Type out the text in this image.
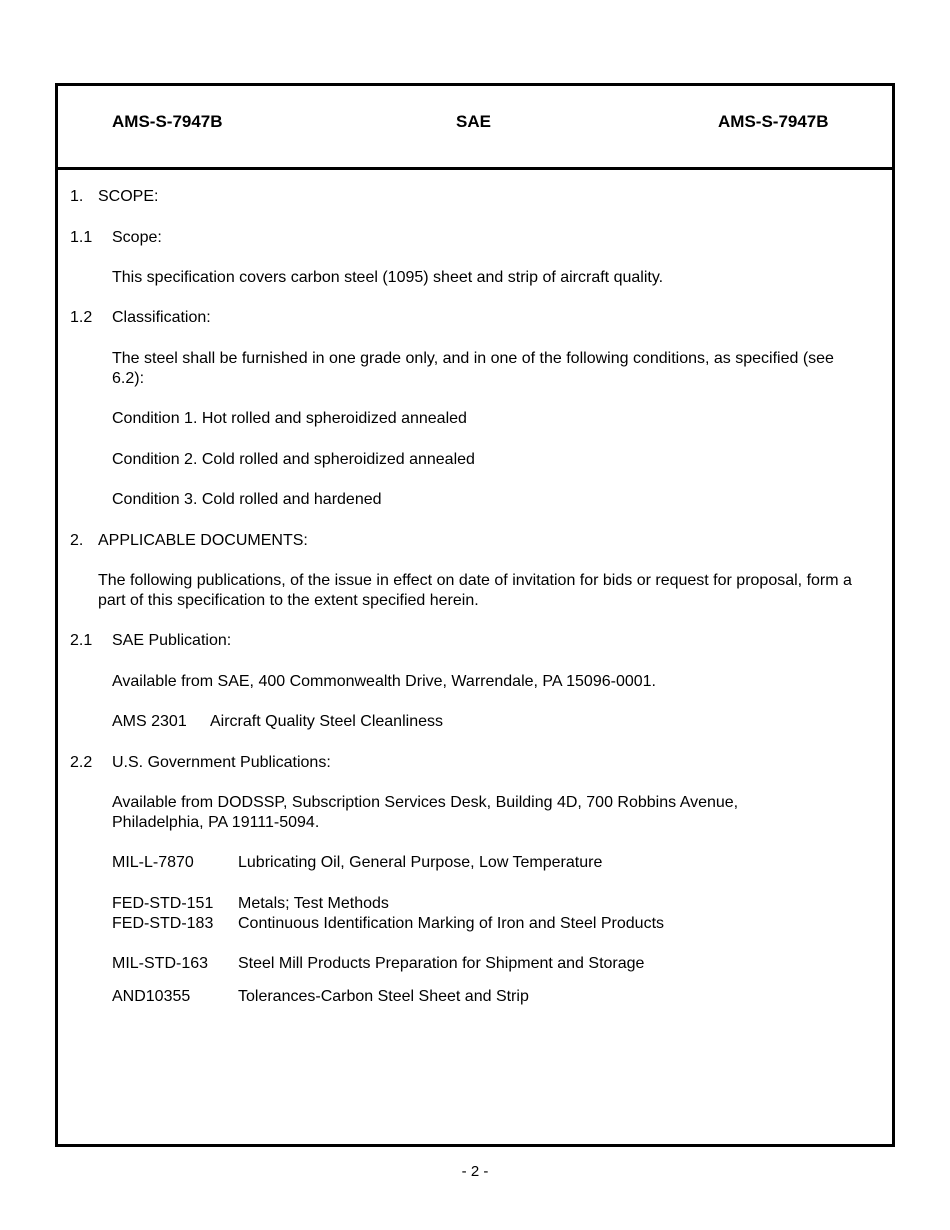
AMS-S-7947B	SAE	AMS-S-7947B
1. SCOPE:
1.1 Scope:
This specification covers carbon steel (1095) sheet and strip of aircraft quality.
1.2 Classification:
The steel shall be furnished in one grade only, and in one of the following conditions, as specified (see 6.2):
Condition 1. Hot rolled and spheroidized annealed
Condition 2. Cold rolled and spheroidized annealed
Condition 3. Cold rolled and hardened
2. APPLICABLE DOCUMENTS:
The following publications, of the issue in effect on date of invitation for bids or request for proposal, form a part of this specification to the extent specified herein.
2.1 SAE Publication:
Available from SAE, 400 Commonwealth Drive, Warrendale, PA 15096-0001.
AMS 2301 Aircraft Quality Steel Cleanliness
2.2 U.S. Government Publications:
Available from DODSSP, Subscription Services Desk, Building 4D, 700 Robbins Avenue, Philadelphia, PA 19111-5094.
MIL-L-7870	Lubricating Oil, General Purpose, Low Temperature
FED-STD-151 Metals; Test Methods
FED-STD-183 Continuous Identification Marking of Iron and Steel Products
MIL-STD-163 Steel Mill Products Preparation for Shipment and Storage
AND10355	Tolerances-Carbon Steel Sheet and Strip
- 2 -
